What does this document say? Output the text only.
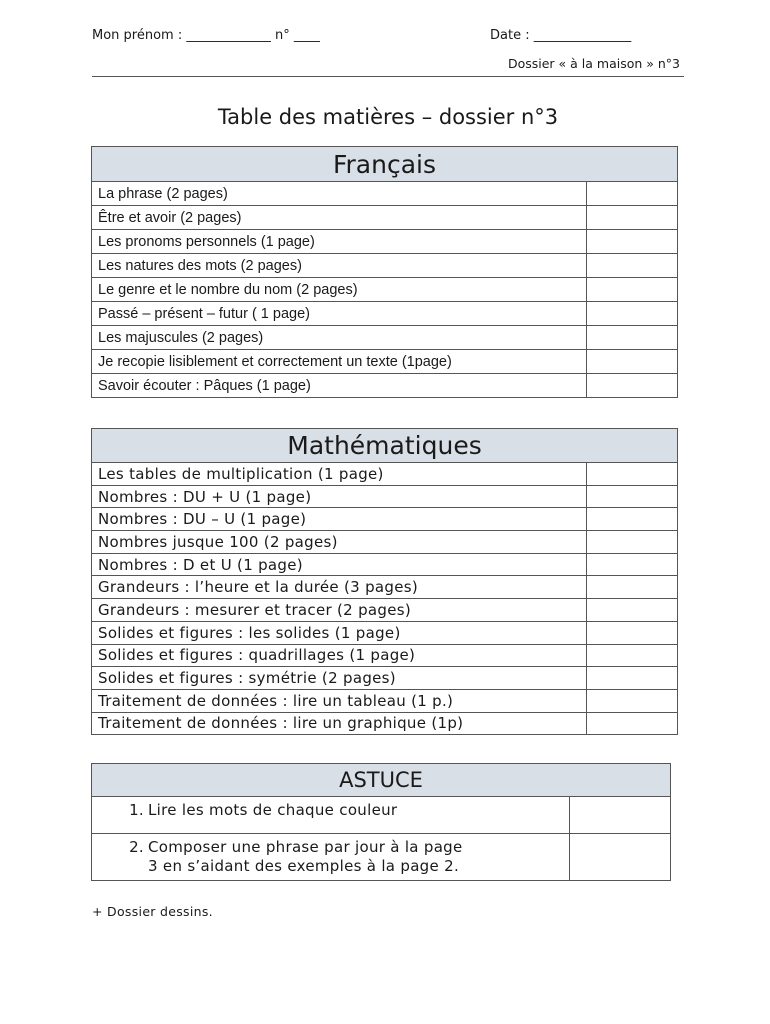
Mon prénom : _____________ n° ____	Date : _______________
Dossier « à la maison » n°3
Table des matières – dossier n°3
Français	
La phrase (2 pages)	
Être et avoir (2 pages)	
Les pronoms personnels (1 page)	
Les natures des mots (2 pages)	
Le genre et le nombre du nom (2 pages)	
Passé – présent – futur ( 1 page)	
Les majuscules (2 pages)	
Je recopie lisiblement et correctement un texte (1page)	
Savoir écouter : Pâques (1 page)	
Mathématiques	
Les tables de multiplication (1 page)	
Nombres : DU + U (1 page)	
Nombres : DU – U (1 page)	
Nombres jusque 100 (2 pages)	
Nombres : D et U (1 page)	
Grandeurs : l’heure et la durée (3 pages)	
Grandeurs : mesurer et tracer (2 pages)	
Solides et figures : les solides (1 page)	
Solides et figures : quadrillages (1 page)	
Solides et figures : symétrie (2 pages)	
Traitement de données : lire un tableau (1 p.)	
Traitement de données : lire un graphique (1p)	
ASTUCE	
1. Lire les mots de chaque couleur	
2. Composer une phrase par jour à la page
3 en s’aidant des exemples à la page 2.	

+ Dossier dessins.
